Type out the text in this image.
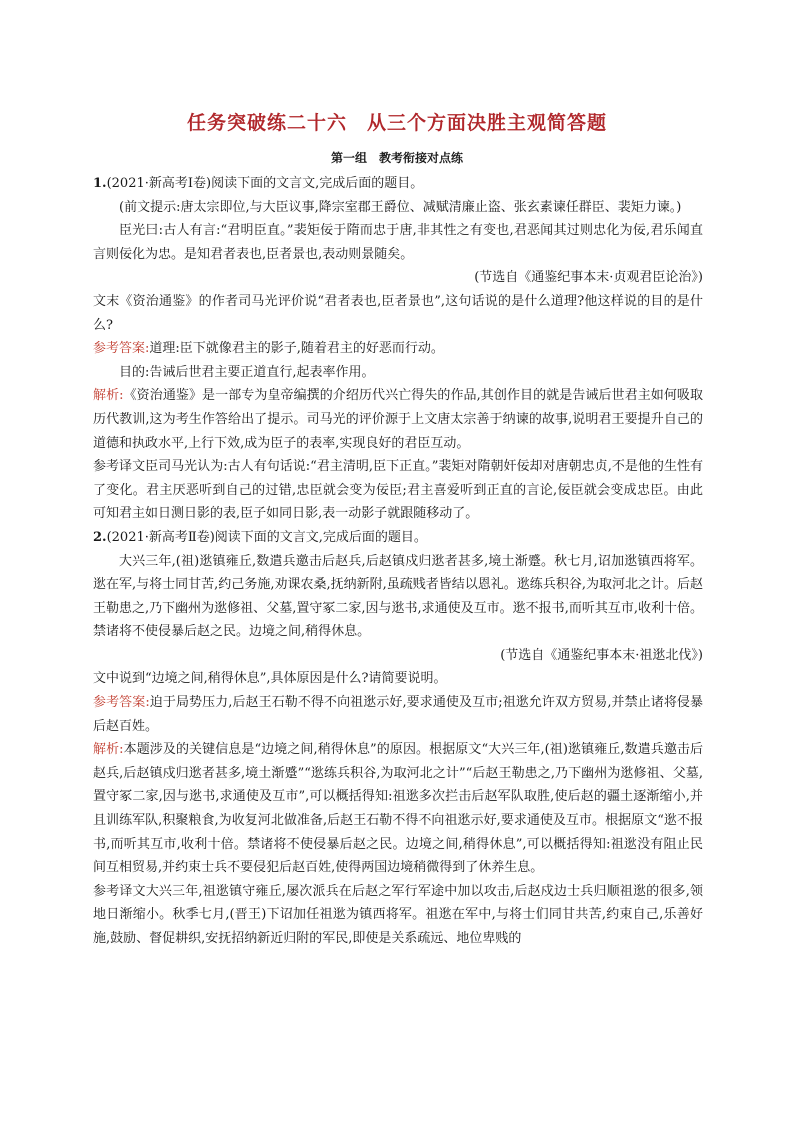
任务突破练二十六　从三个方面决胜主观简答题
第一组　教考衔接对点练

1.(2021·新高考Ⅰ卷)阅读下面的文言文,完成后面的题目。

(前文提示:唐太宗即位,与大臣议事,降宗室郡王爵位、减赋清廉止盗、张玄素谏任群臣、裴矩力谏。)

臣光曰:古人有言:“君明臣直。”裴矩佞于隋而忠于唐,非其性之有变也,君恶闻其过则忠化为佞,君乐闻直言则佞化为忠。是知君者表也,臣者景也,表动则景随矣。

(节选自《通鉴纪事本末·贞观君臣论治》)

文末《资治通鉴》的作者司马光评价说“君者表也,臣者景也”,这句话说的是什么道理?他这样说的目的是什么?

参考答案:道理:臣下就像君主的影子,随着君主的好恶而行动。

目的:告诫后世君主要正道直行,起表率作用。

解析:《资治通鉴》是一部专为皇帝编撰的介绍历代兴亡得失的作品,其创作目的就是告诫后世君主如何吸取历代教训,这为考生作答给出了提示。司马光的评价源于上文唐太宗善于纳谏的故事,说明君王要提升自己的道德和执政水平,上行下效,成为臣子的表率,实现良好的君臣互动。

参考译文臣司马光认为:古人有句话说:“君主清明,臣下正直。”裴矩对隋朝奸佞却对唐朝忠贞,不是他的生性有了变化。君主厌恶听到自己的过错,忠臣就会变为佞臣;君主喜爱听到正直的言论,佞臣就会变成忠臣。由此可知君主如日测日影的表,臣子如同日影,表一动影子就跟随移动了。

2.(2021·新高考Ⅱ卷)阅读下面的文言文,完成后面的题目。

大兴三年,(祖)逖镇雍丘,数遣兵邀击后赵兵,后赵镇戍归逖者甚多,境土渐蹙。秋七月,诏加逖镇西将军。逖在军,与将士同甘苦,约己务施,劝课农桑,抚纳新附,虽疏贱者皆结以恩礼。逖练兵积谷,为取河北之计。后赵王勒患之,乃下幽州为逖修祖、父墓,置守冢二家,因与逖书,求通使及互市。逖不报书,而听其互市,收利十倍。禁诸将不使侵暴后赵之民。边境之间,稍得休息。

(节选自《通鉴纪事本末·祖逖北伐》)

文中说到“边境之间,稍得休息”,具体原因是什么?请简要说明。

参考答案:迫于局势压力,后赵王石勒不得不向祖逖示好,要求通使及互市;祖逖允许双方贸易,并禁止诸将侵暴后赵百姓。

解析:本题涉及的关键信息是“边境之间,稍得休息”的原因。根据原文“大兴三年,(祖)逖镇雍丘,数遣兵邀击后赵兵,后赵镇戍归逖者甚多,境土渐蹙”“逖练兵积谷,为取河北之计”“后赵王勒患之,乃下幽州为逖修祖、父墓,置守冢二家,因与逖书,求通使及互市”,可以概括得知:祖逖多次拦击后赵军队取胜,使后赵的疆土逐渐缩小,并且训练军队,积聚粮食,为收复河北做准备,后赵王石勒不得不向祖逖示好,要求通使及互市。根据原文“逖不报书,而听其互市,收利十倍。禁诸将不使侵暴后赵之民。边境之间,稍得休息”,可以概括得知:祖逖没有阻止民间互相贸易,并约束士兵不要侵犯后赵百姓,使得两国边境稍微得到了休养生息。

参考译文大兴三年,祖逖镇守雍丘,屡次派兵在后赵之军行军途中加以攻击,后赵戍边士兵归顺祖逖的很多,领地日渐缩小。秋季七月,(晋王)下诏加任祖逖为镇西将军。祖逖在军中,与将士们同甘共苦,约束自己,乐善好施,鼓励、督促耕织,安抚招纳新近归附的军民,即使是关系疏远、地位卑贱的
